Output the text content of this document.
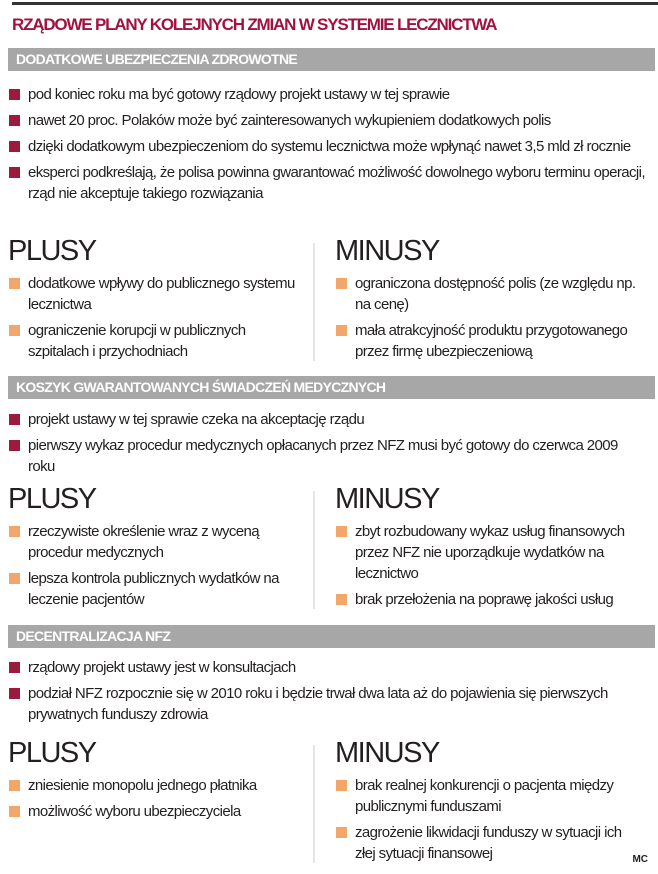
RZĄDOWE PLANY KOLEJNYCH ZMIAN W SYSTEMIE LECZNICTWA
DODATKOWE UBEZPIECZENIA ZDROWOTNE
pod koniec roku ma być gotowy rządowy projekt ustawy w tej sprawie
nawet 20 proc. Polaków może być zainteresowanych wykupieniem dodatkowych polis
dzięki dodatkowym ubezpieczeniom do systemu lecznictwa może wpłynąć nawet 3,5 mld zł rocznie
eksperci podkreślają, że polisa powinna gwarantować możliwość dowolnego wyboru terminu operacji, rząd nie akceptuje takiego rozwiązania
PLUSY
dodatkowe wpływy do publicznego systemu lecznictwa
ograniczenie korupcji w publicznych szpitalach i przychodniach
MINUSY
ograniczona dostępność polis (ze względu np. na cenę)
mała atrakcyjność produktu przygotowanego przez firmę ubezpieczeniową
KOSZYK GWARANTOWANYCH ŚWIADCZEŃ MEDYCZNYCH
projekt ustawy w tej sprawie czeka na akceptację rządu
pierwszy wykaz procedur medycznych opłacanych przez NFZ musi być gotowy do czerwca 2009 roku
PLUSY
rzeczywiste określenie wraz z wyceną procedur medycznych
lepsza kontrola publicznych wydatków na leczenie pacjentów
MINUSY
zbyt rozbudowany wykaz usług finansowych przez NFZ nie uporządkuje wydatków na lecznictwo
brak przełożenia na poprawę jakości usług
DECENTRALIZACJA NFZ
rządowy projekt ustawy jest w konsultacjach
podział NFZ rozpocznie się w 2010 roku i będzie trwał dwa lata aż do pojawienia się pierwszych prywatnych funduszy zdrowia
PLUSY
zniesienie monopolu jednego płatnika
możliwość wyboru ubezpieczyciela
MINUSY
brak realnej konkurencji o pacjenta między publicznymi funduszami
zagrożenie likwidacji funduszy w sytuacji ich złej sytuacji finansowej	MC
